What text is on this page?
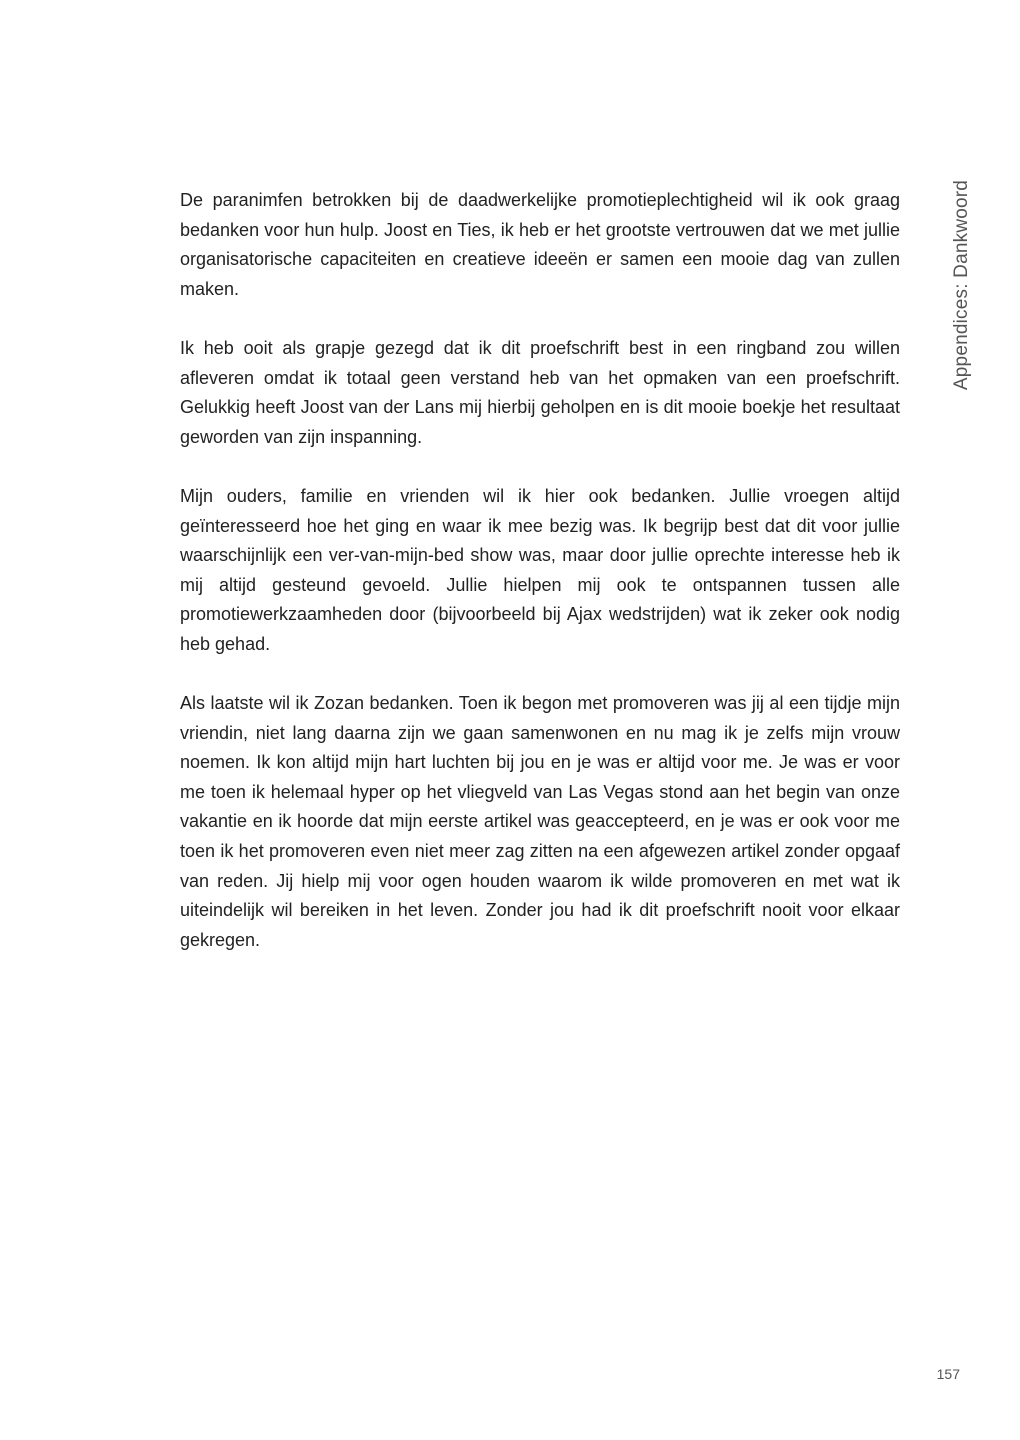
De paranimfen betrokken bij de daadwerkelijke promotieplechtigheid wil ik ook graag bedanken voor hun hulp. Joost en Ties, ik heb er het grootste vertrouwen dat we met jullie organisatorische capaciteiten en creatieve ideeën er samen een mooie dag van zullen maken.

Ik heb ooit als grapje gezegd dat ik dit proefschrift best in een ringband zou willen afleveren omdat ik totaal geen verstand heb van het opmaken van een proefschrift. Gelukkig heeft Joost van der Lans mij hierbij geholpen en is dit mooie boekje het resultaat geworden van zijn inspanning.

Mijn ouders, familie en vrienden wil ik hier ook bedanken. Jullie vroegen altijd geïnteresseerd hoe het ging en waar ik mee bezig was. Ik begrijp best dat dit voor jullie waarschijnlijk een ver-van-mijn-bed show was, maar door jullie oprechte interesse heb ik mij altijd gesteund gevoeld. Jullie hielpen mij ook te ontspannen tussen alle promotiewerkzaamheden door (bijvoorbeeld bij Ajax wedstrijden) wat ik zeker ook nodig heb gehad.

Als laatste wil ik Zozan bedanken. Toen ik begon met promoveren was jij al een tijdje mijn vriendin, niet lang daarna zijn we gaan samenwonen en nu mag ik je zelfs mijn vrouw noemen. Ik kon altijd mijn hart luchten bij jou en je was er altijd voor me. Je was er voor me toen ik helemaal hyper op het vliegveld van Las Vegas stond aan het begin van onze vakantie en ik hoorde dat mijn eerste artikel was geaccepteerd, en je was er ook voor me toen ik het promoveren even niet meer zag zitten na een afgewezen artikel zonder opgaaf van reden. Jij hielp mij voor ogen houden waarom ik wilde promoveren en met wat ik uiteindelijk wil bereiken in het leven. Zonder jou had ik dit proefschrift nooit voor elkaar gekregen.

Appendices: Dankwoord
157
